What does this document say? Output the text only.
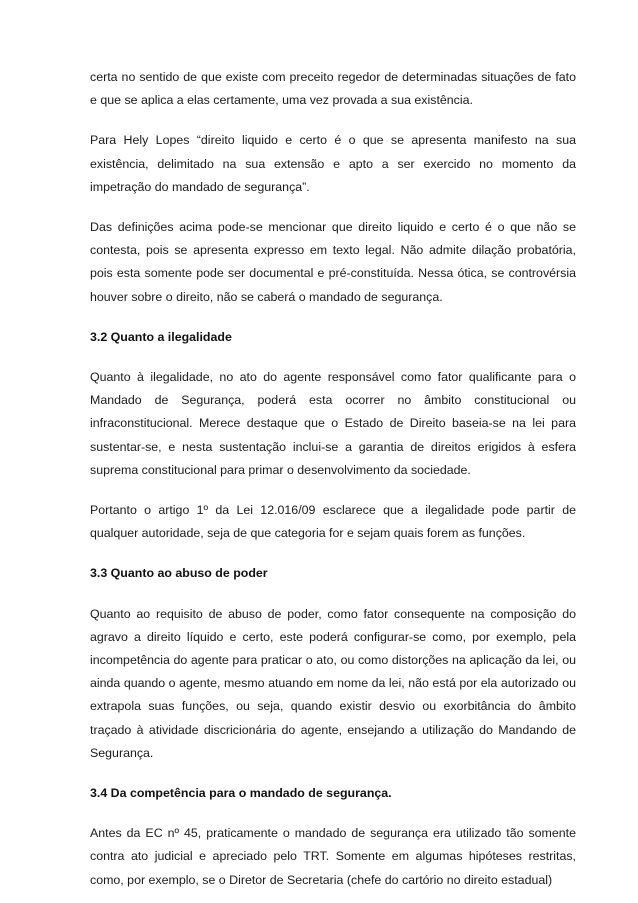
certa no sentido de que existe com preceito regedor de determinadas situações de fato e que se aplica a elas certamente, uma vez provada a sua existência.

Para Hely Lopes “direito liquido e certo é o que se apresenta manifesto na sua existência, delimitado na sua extensão e apto a ser exercido no momento da impetração do mandado de segurança”.

Das definições acima pode-se mencionar que direito liquido e certo é o que não se contesta, pois se apresenta expresso em texto legal. Não admite dilação probatória, pois esta somente pode ser documental e pré-constituída. Nessa ótica, se controvérsia houver sobre o direito, não se caberá o mandado de segurança.

3.2 Quanto a ilegalidade

Quanto à ilegalidade, no ato do agente responsável como fator qualificante para o Mandado de Segurança, poderá esta ocorrer no âmbito constitucional ou infraconstitucional. Merece destaque que o Estado de Direito baseia-se na lei para sustentar-se, e nesta sustentação inclui-se a garantia de direitos erigidos à esfera suprema constitucional para primar o desenvolvimento da sociedade.

Portanto o artigo 1º da Lei 12.016/09 esclarece que a ilegalidade pode partir de qualquer autoridade, seja de que categoria for e sejam quais forem as funções.

3.3 Quanto ao abuso de poder

Quanto ao requisito de abuso de poder, como fator consequente na composição do agravo a direito líquido e certo, este poderá configurar-se como, por exemplo, pela incompetência do agente para praticar o ato, ou como distorções na aplicação da lei, ou ainda quando o agente, mesmo atuando em nome da lei, não está por ela autorizado ou extrapola suas funções, ou seja, quando existir desvio ou exorbitância do âmbito traçado à atividade discricionária do agente, ensejando a utilização do Mandando de Segurança.

3.4 Da competência para o mandado de segurança.

Antes da EC nº 45, praticamente o mandado de segurança era utilizado tão somente contra ato judicial e apreciado pelo TRT. Somente em algumas hipóteses restritas, como, por exemplo, se o Diretor de Secretaria (chefe do cartório no direito estadual)
